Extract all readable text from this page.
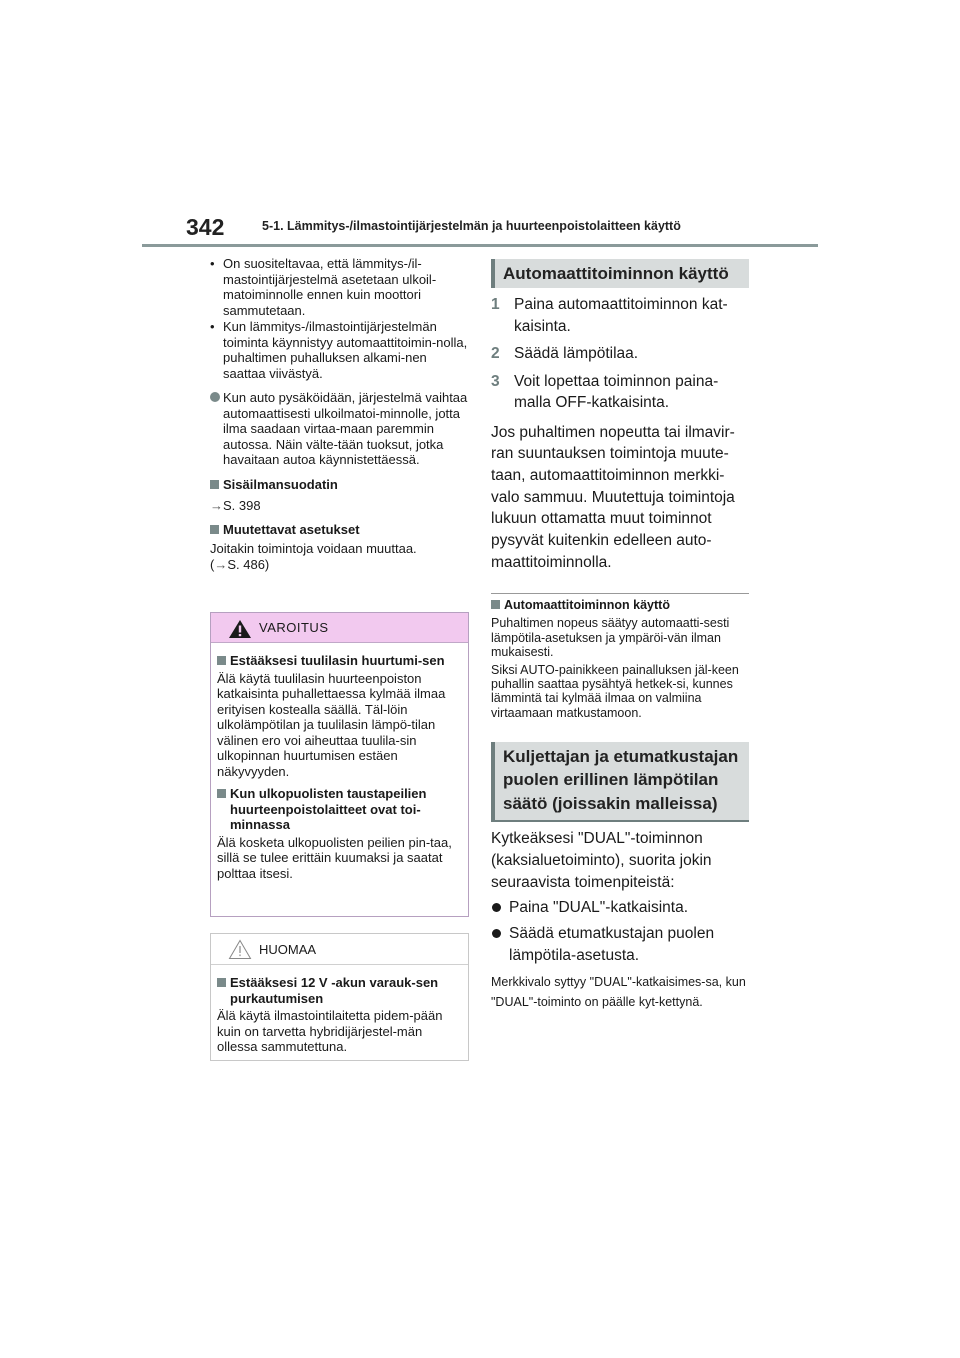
342	5-1. Lämmitys-/ilmastointijärjestelmän ja huurteenpoistolaitteen käyttö
• On suositeltavaa, että lämmitys-/il-mastointijärjestelmä asetetaan ulkoil-matoiminnolle ennen kuin moottori sammutetaan.
• Kun lämmitys-/ilmastointijärjestelmän toiminta käynnistyy automaattitoimin-nolla, puhaltimen puhalluksen alkami-nen saattaa viivästyä.
Kun auto pysäköidään, järjestelmä vaihtaa automaattisesti ulkoilmatoi-minnolle, jotta ilma saadaan virtaa-maan paremmin autossa. Näin välte-tään tuoksut, jotka havaitaan autoa käynnistettäessä.
Sisäilmansuodatin
→S. 398
Muutettavat asetukset
Joitakin toimintoja voidaan muuttaa.
(→S. 486)
VAROITUS
Estääksesi tuulilasin huurtumi-sen
Älä käytä tuulilasin huurteenpoiston katkaisinta puhallettaessa kylmää ilmaa erityisen kostealla säällä. Täl-löin ulkolämpötilan ja tuulilasin lämpö-tilan välinen ero voi aiheuttaa tuulila-sin ulkopinnan huurtumisen estäen näkyvyyden.
Kun ulkopuolisten taustapeilien huurteenpoistolaitteet ovat toi-minnassa
Älä kosketa ulkopuolisten peilien pin-taa, sillä se tulee erittäin kuumaksi ja saatat polttaa itsesi.
HUOMAA
Estääksesi 12 V -akun varauk-sen purkautumisen
Älä käytä ilmastointilaitetta pidem-pään kuin on tarvetta hybridijärjestel-män ollessa sammutettuna.
Automaattitoiminnon käyttö
1 Paina automaattitoiminnon kat-kaisinta.
2 Säädä lämpötilaa.
3 Voit lopettaa toiminnon paina-malla OFF-katkaisinta.
Jos puhaltimen nopeutta tai ilmavir-ran suuntauksen toimintoja muute-taan, automaattitoiminnon merkki-valo sammuu. Muutettuja toimintoja lukuun ottamatta muut toiminnot pysyvät kuitenkin edelleen auto-maattitoiminnolla.
Automaattitoiminnon käyttö
Puhaltimen nopeus säätyy automaatti-sesti lämpötila-asetuksen ja ympäröi-vän ilman mukaisesti.
Siksi AUTO-painikkeen painalluksen jäl-keen puhallin saattaa pysähtyä hetkek-si, kunnes lämmintä tai kylmää ilmaa on valmiina virtaamaan matkustamoon.
Kuljettajan ja etumatkustajan puolen erillinen lämpötilan säätö (joissakin malleissa)
Kytkeäksesi "DUAL"-toiminnon (kaksialuetoiminto), suorita jokin seuraavista toimenpiteistä:
Paina "DUAL"-katkaisinta.
Säädä etumatkustajan puolen lämpötila-asetusta.
Merkkivalo syttyy "DUAL"-katkaisimes-sa, kun "DUAL"-toiminto on päälle kyt-kettynä.
